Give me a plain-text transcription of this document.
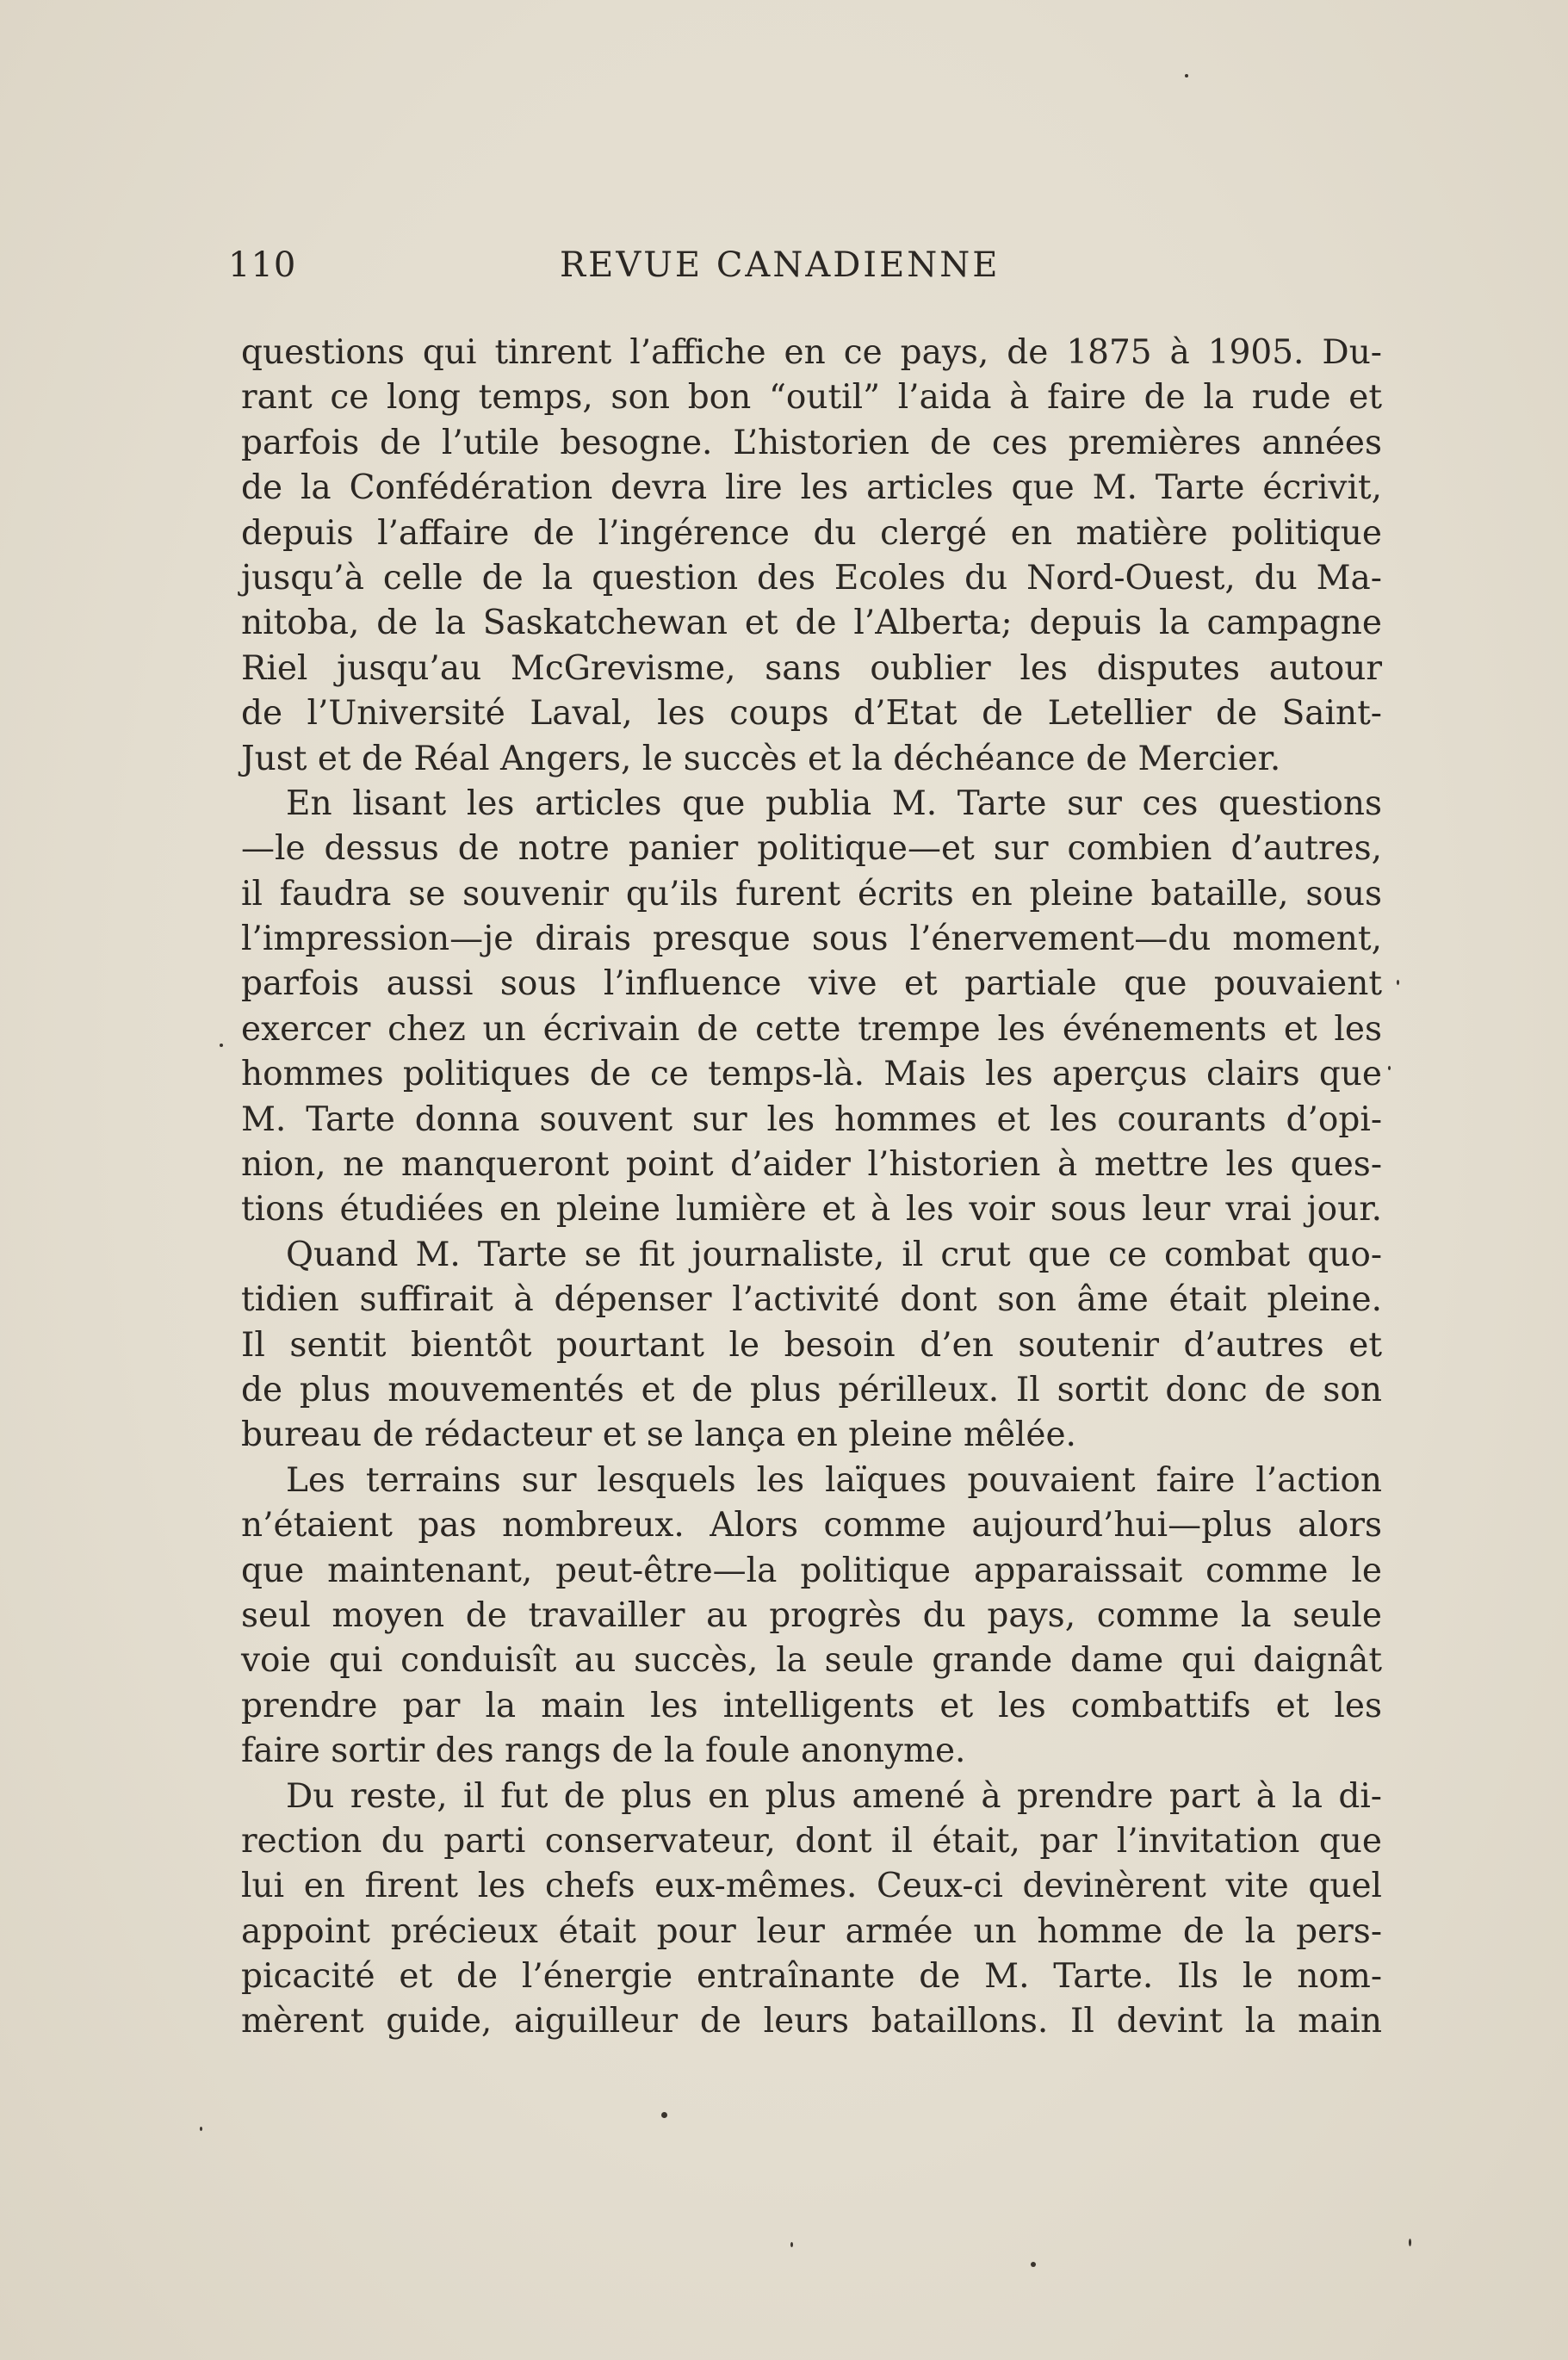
110	REVUE CANADIENNE
questions qui tinrent l’affiche en ce pays, de 1875 à 1905. Du-
rant ce long temps, son bon “outil” l’aida à faire de la rude et
parfois de l’utile besogne. L’historien de ces premières années
de la Confédération devra lire les articles que M. Tarte écrivit,
depuis l’affaire de l’ingérence du clergé en matière politique
jusqu’à celle de la question des Ecoles du Nord-Ouest, du Ma-
nitoba, de la Saskatchewan et de l’Alberta; depuis la campagne
Riel jusqu’au McGrevisme, sans oublier les disputes autour
de l’Université Laval, les coups d’Etat de Letellier de Saint-
Just et de Réal Angers, le succès et la déchéance de Mercier.
En lisant les articles que publia M. Tarte sur ces questions
—le dessus de notre panier politique—et sur combien d’autres,
il faudra se souvenir qu’ils furent écrits en pleine bataille, sous
l’impression—je dirais presque sous l’énervement—du moment,
parfois aussi sous l’influence vive et partiale que pouvaient
exercer chez un écrivain de cette trempe les événements et les
hommes politiques de ce temps-là. Mais les aperçus clairs que
M. Tarte donna souvent sur les hommes et les courants d’opi-
nion, ne manqueront point d’aider l’historien à mettre les ques-
tions étudiées en pleine lumière et à les voir sous leur vrai jour.
Quand M. Tarte se fit journaliste, il crut que ce combat quo-
tidien suffirait à dépenser l’activité dont son âme était pleine.
Il sentit bientôt pourtant le besoin d’en soutenir d’autres et
de plus mouvementés et de plus périlleux. Il sortit donc de son
bureau de rédacteur et se lança en pleine mêlée.
Les terrains sur lesquels les laïques pouvaient faire l’action
n’étaient pas nombreux. Alors comme aujourd’hui—plus alors
que maintenant, peut-être—la politique apparaissait comme le
seul moyen de travailler au progrès du pays, comme la seule
voie qui conduisît au succès, la seule grande dame qui daignât
prendre par la main les intelligents et les combattifs et les
faire sortir des rangs de la foule anonyme.
Du reste, il fut de plus en plus amené à prendre part à la di-
rection du parti conservateur, dont il était, par l’invitation que
lui en firent les chefs eux-mêmes. Ceux-ci devinèrent vite quel
appoint précieux était pour leur armée un homme de la pers-
picacité et de l’énergie entraînante de M. Tarte. Ils le nom-
mèrent guide, aiguilleur de leurs bataillons. Il devint la main
